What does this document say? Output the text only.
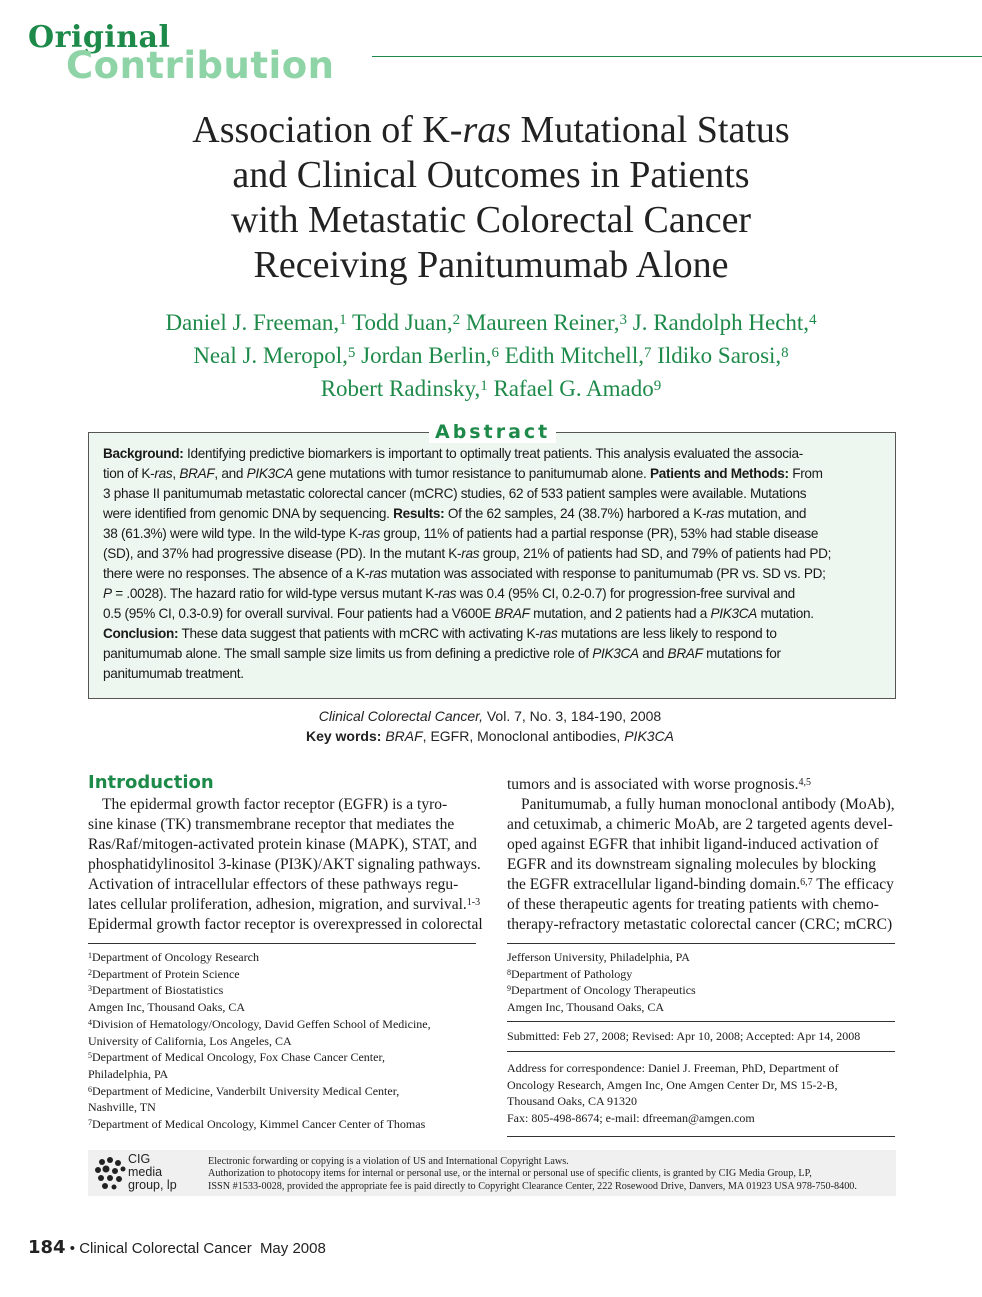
Original
Contribution
Association of K-ras Mutational Status
and Clinical Outcomes in Patients
with Metastatic Colorectal Cancer
Receiving Panitumumab Alone
Daniel J. Freeman,$^1$ Todd Juan,$^2$ Maureen Reiner,$^3$ J. Randolph Hecht,$^4$
Neal J. Meropol,$^5$ Jordan Berlin,$^6$ Edith Mitchell,$^7$ Ildiko Sarosi,$^8$
Robert Radinsky,$^1$ Rafael G. Amado$^9$
Abstract
Background: Identifying predictive biomarkers is important to optimally treat patients. This analysis evaluated the associa-
tion of K-ras, BRAF, and PIK3CA gene mutations with tumor resistance to panitumumab alone. Patients and Methods: From
3 phase II panitumumab metastatic colorectal cancer (mCRC) studies, 62 of 533 patient samples were available. Mutations
were identified from genomic DNA by sequencing. Results: Of the 62 samples, 24 (38.7%) harbored a K-ras mutation, and
38 (61.3%) were wild type. In the wild-type K-ras group, 11% of patients had a partial response (PR), 53% had stable disease
(SD), and 37% had progressive disease (PD). In the mutant K-ras group, 21% of patients had SD, and 79% of patients had PD;
there were no responses. The absence of a K-ras mutation was associated with response to panitumumab (PR vs. SD vs. PD;
P = .0028). The hazard ratio for wild-type versus mutant K-ras was 0.4 (95% CI, 0.2-0.7) for progression-free survival and
0.5 (95% CI, 0.3-0.9) for overall survival. Four patients had a V600E BRAF mutation, and 2 patients had a PIK3CA mutation.
Conclusion: These data suggest that patients with mCRC with activating K-ras mutations are less likely to respond to
panitumumab alone. The small sample size limits us from defining a predictive role of PIK3CA and BRAF mutations for
panitumumab treatment.
Clinical Colorectal Cancer, Vol. 7, No. 3, 184-190, 2008
Key words: BRAF, EGFR, Monoclonal antibodies, PIK3CA
Introduction
The epidermal growth factor receptor (EGFR) is a tyro-
sine kinase (TK) transmembrane receptor that mediates the
Ras/Raf/mitogen-activated protein kinase (MAPK), STAT, and
phosphatidylinositol 3-kinase (PI3K)/AKT signaling pathways.
Activation of intracellular effectors of these pathways regu-
lates cellular proliferation, adhesion, migration, and survival.$^{1-3}$
Epidermal growth factor receptor is overexpressed in colorectal
tumors and is associated with worse prognosis.$^{4,5}$
Panitumumab, a fully human monoclonal antibody (MoAb),
and cetuximab, a chimeric MoAb, are 2 targeted agents devel-
oped against EGFR that inhibit ligand-induced activation of
EGFR and its downstream signaling molecules by blocking
the EGFR extracellular ligand-binding domain.$^{6,7}$ The efficacy
of these therapeutic agents for treating patients with chemo-
therapy-refractory metastatic colorectal cancer (CRC; mCRC)
$^1$Department of Oncology Research
$^2$Department of Protein Science
$^3$Department of Biostatistics
Amgen Inc, Thousand Oaks, CA
$^4$Division of Hematology/Oncology, David Geffen School of Medicine,
University of California, Los Angeles, CA
$^5$Department of Medical Oncology, Fox Chase Cancer Center,
Philadelphia, PA
$^6$Department of Medicine, Vanderbilt University Medical Center,
Nashville, TN
$^7$Department of Medical Oncology, Kimmel Cancer Center of Thomas
Jefferson University, Philadelphia, PA
$^8$Department of Pathology
$^9$Department of Oncology Therapeutics
Amgen Inc, Thousand Oaks, CA
Submitted: Feb 27, 2008; Revised: Apr 10, 2008; Accepted: Apr 14, 2008
Address for correspondence: Daniel J. Freeman, PhD, Department of
Oncology Research, Amgen Inc, One Amgen Center Dr, MS 15-2-B,
Thousand Oaks, CA 91320
Fax: 805-498-8674; e-mail: dfreeman@amgen.com
CIG
media
group, lp
Electronic forwarding or copying is a violation of US and International Copyright Laws.
Authorization to photocopy items for internal or personal use, or the internal or personal use of specific clients, is granted by CIG Media Group, LP,
ISSN #1533-0028, provided the appropriate fee is paid directly to Copyright Clearance Center, 222 Rosewood Drive, Danvers, MA 01923 USA 978-750-8400.
184 • Clinical Colorectal Cancer May 2008
